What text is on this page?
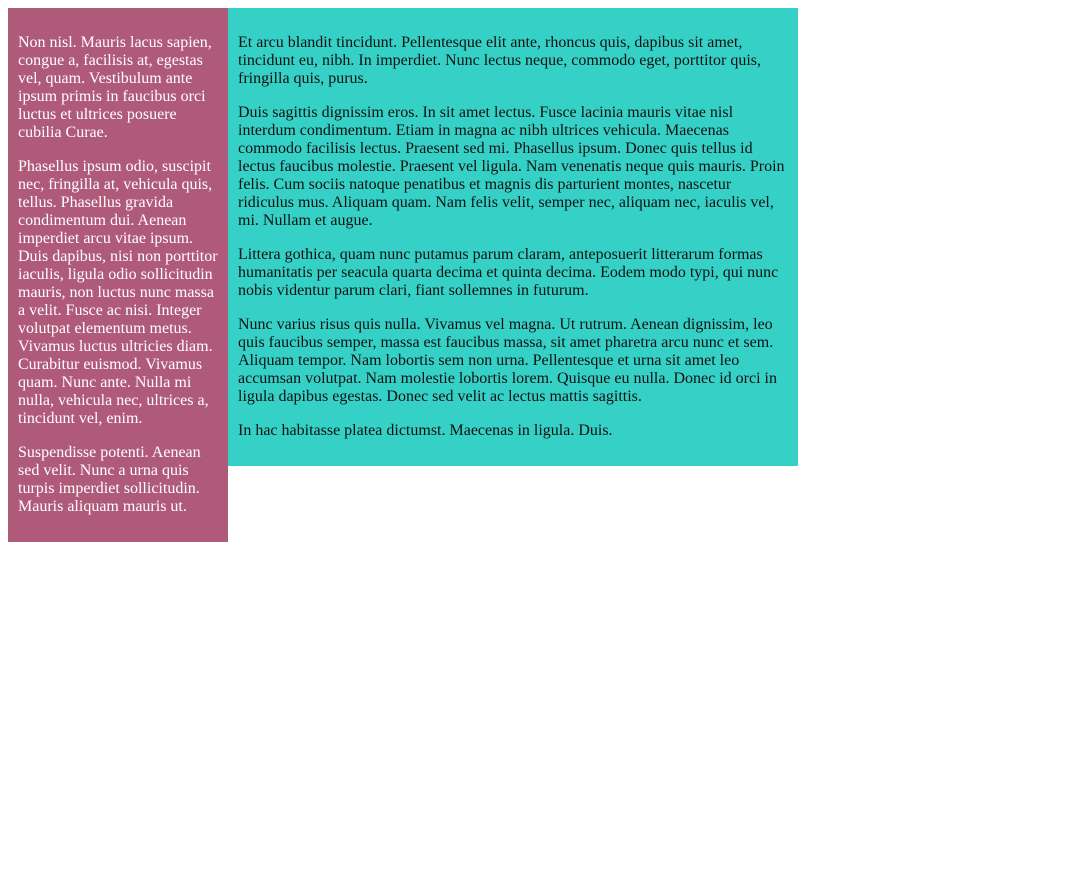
Non nisl. Mauris lacus sapien, congue a, facilisis at, egestas vel, quam. Vestibulum ante ipsum primis in faucibus orci luctus et ultrices posuere cubilia Curae.

Phasellus ipsum odio, suscipit nec, fringilla at, vehicula quis, tellus. Phasellus gravida condimentum dui. Aenean imperdiet arcu vitae ipsum. Duis dapibus, nisi non porttitor iaculis, ligula odio sollicitudin mauris, non luctus nunc massa a velit. Fusce ac nisi. Integer volutpat elementum metus. Vivamus luctus ultricies diam. Curabitur euismod. Vivamus quam. Nunc ante. Nulla mi nulla, vehicula nec, ultrices a, tincidunt vel, enim.

Suspendisse potenti. Aenean sed velit. Nunc a urna quis turpis imperdiet sollicitudin. Mauris aliquam mauris ut.

Et arcu blandit tincidunt. Pellentesque elit ante, rhoncus quis, dapibus sit amet, tincidunt eu, nibh. In imperdiet. Nunc lectus neque, commodo eget, porttitor quis, fringilla quis, purus.

Duis sagittis dignissim eros. In sit amet lectus. Fusce lacinia mauris vitae nisl interdum condimentum. Etiam in magna ac nibh ultrices vehicula. Maecenas commodo facilisis lectus. Praesent sed mi. Phasellus ipsum. Donec quis tellus id lectus faucibus molestie. Praesent vel ligula. Nam venenatis neque quis mauris. Proin felis. Cum sociis natoque penatibus et magnis dis parturient montes, nascetur ridiculus mus. Aliquam quam. Nam felis velit, semper nec, aliquam nec, iaculis vel, mi. Nullam et augue.

Littera gothica, quam nunc putamus parum claram, anteposuerit litterarum formas humanitatis per seacula quarta decima et quinta decima. Eodem modo typi, qui nunc nobis videntur parum clari, fiant sollemnes in futurum.

Nunc varius risus quis nulla. Vivamus vel magna. Ut rutrum. Aenean dignissim, leo quis faucibus semper, massa est faucibus massa, sit amet pharetra arcu nunc et sem. Aliquam tempor. Nam lobortis sem non urna. Pellentesque et urna sit amet leo accumsan volutpat. Nam molestie lobortis lorem. Quisque eu nulla. Donec id orci in ligula dapibus egestas. Donec sed velit ac lectus mattis sagittis.

In hac habitasse platea dictumst. Maecenas in ligula. Duis.
